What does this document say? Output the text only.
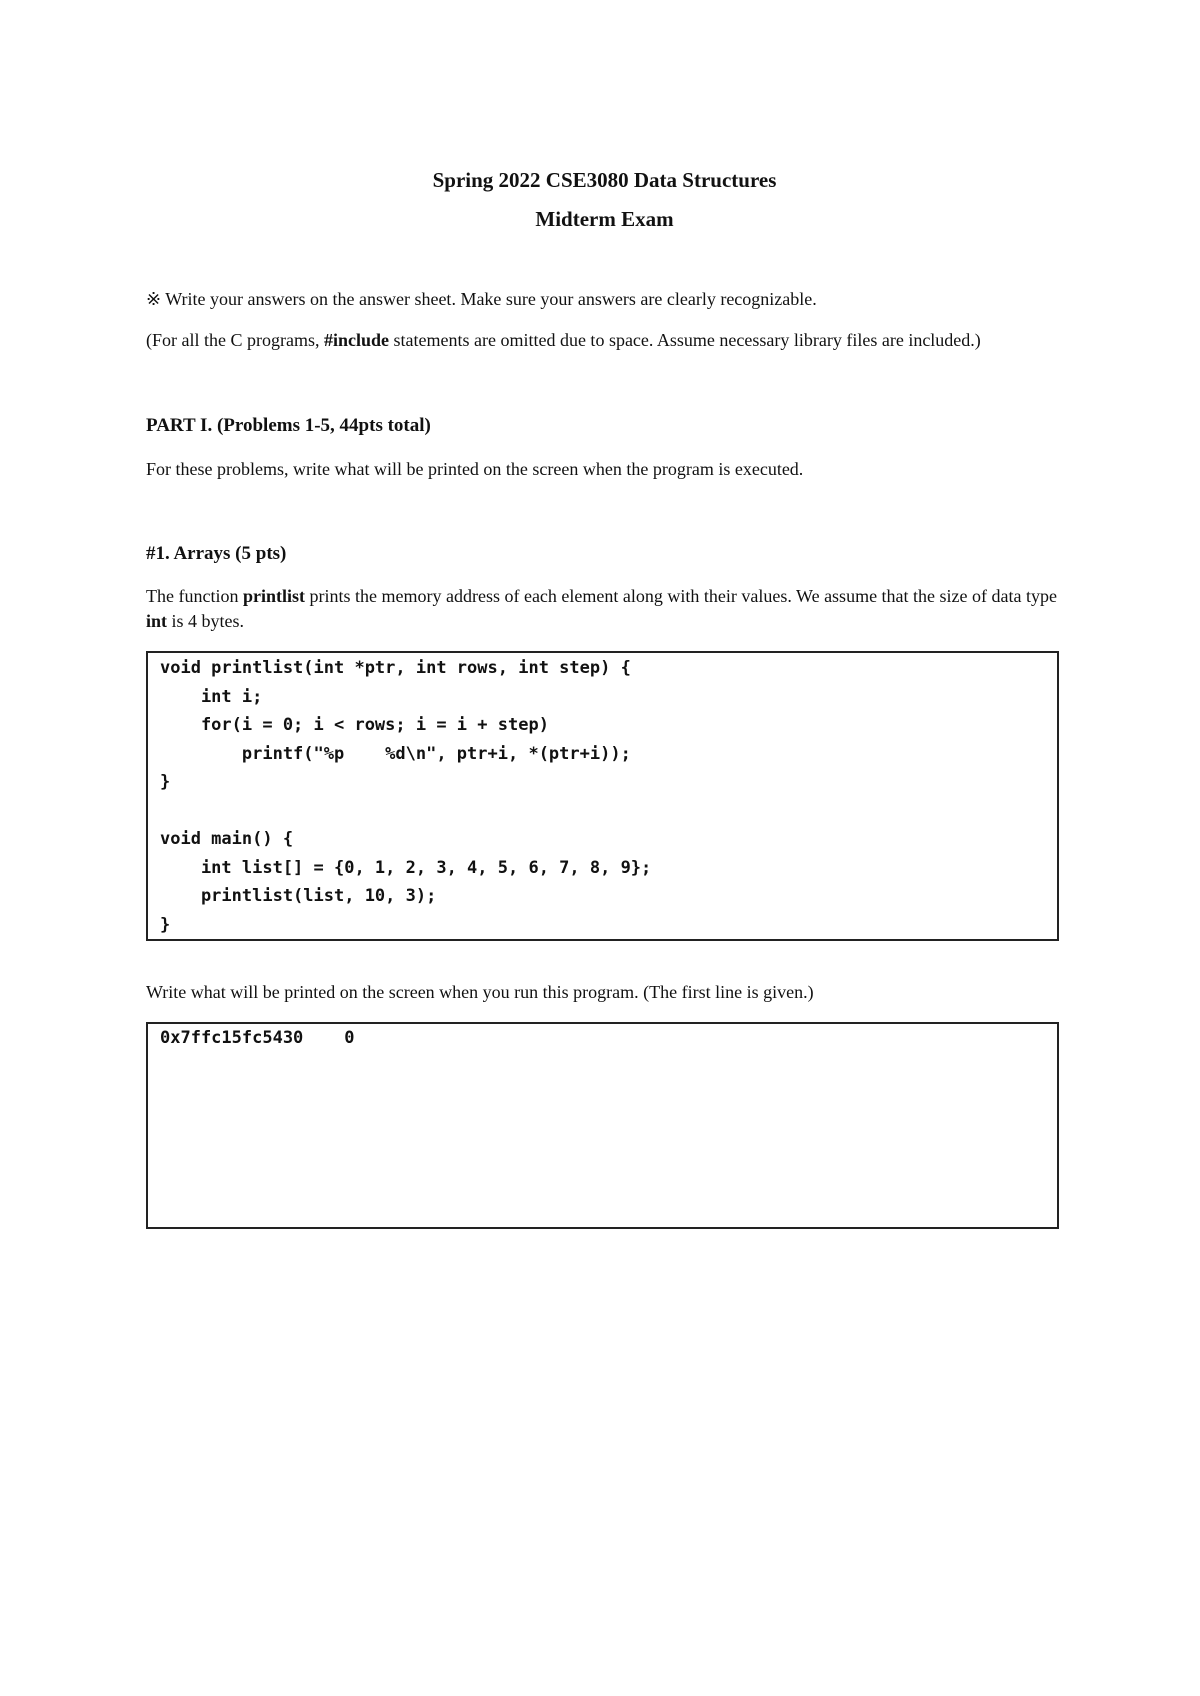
Spring 2022 CSE3080 Data Structures
Midterm Exam
※ Write your answers on the answer sheet. Make sure your answers are clearly recognizable.
(For all the C programs, #include statements are omitted due to space. Assume necessary library files are included.)
PART I. (Problems 1-5, 44pts total)
For these problems, write what will be printed on the screen when the program is executed.
#1. Arrays (5 pts)
The function printlist prints the memory address of each element along with their values. We assume that the size of data type int is 4 bytes.
void printlist(int *ptr, int rows, int step) {
int i;
for(i = 0; i < rows; i = i + step)
printf("%p    %d\n", ptr+i, *(ptr+i));
}
void main() {
int list[] = {0, 1, 2, 3, 4, 5, 6, 7, 8, 9};
printlist(list, 10, 3);
}
Write what will be printed on the screen when you run this program. (The first line is given.)
0x7ffc15fc5430    0
